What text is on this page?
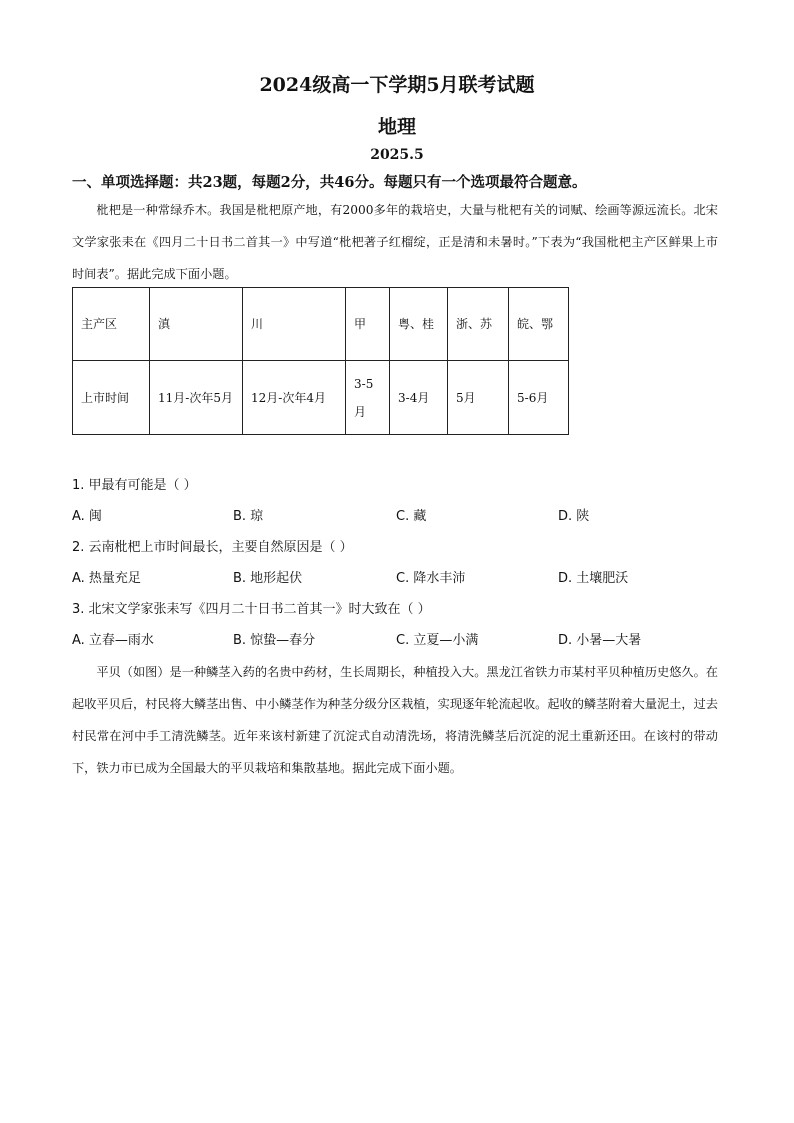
2024级高一下学期5月联考试题
地理
2025.5
一、单项选择题：共23题，每题2分，共46分。每题只有一个选项最符合题意。
枇杷是一种常绿乔木。我国是枇杷原产地，有2000多年的栽培史，大量与枇杷有关的词赋、绘画等源远流长。北宋文学家张耒在《四月二十日书二首其一》中写道“枇杷著子红榴绽，正是清和未暑时。”下表为“我国枇杷主产区鲜果上市时间表”。据此完成下面小题。
主产区	滇	川	甲	粤、桂	浙、苏	皖、鄂
上市时间	11月-次年5月	12月-次年4月	3-5月	3-4月	5月	5-6月
1. 甲最有可能是（ ）
A. 闽	B. 琼	C. 藏	D. 陕
2. 云南枇杷上市时间最长，主要自然原因是（ ）
A. 热量充足	B. 地形起伏	C. 降水丰沛	D. 土壤肥沃
3. 北宋文学家张耒写《四月二十日书二首其一》时大致在（ ）
A. 立春—雨水	B. 惊蛰—春分	C. 立夏—小满	D. 小暑—大暑
平贝（如图）是一种鳞茎入药的名贵中药材，生长周期长，种植投入大。黑龙江省铁力市某村平贝种植历史悠久。在起收平贝后，村民将大鳞茎出售、中小鳞茎作为种茎分级分区栽植，实现逐年轮流起收。起收的鳞茎附着大量泥土，过去村民常在河中手工清洗鳞茎。近年来该村新建了沉淀式自动清洗场，将清洗鳞茎后沉淀的泥土重新还田。在该村的带动下，铁力市已成为全国最大的平贝栽培和集散基地。据此完成下面小题。
